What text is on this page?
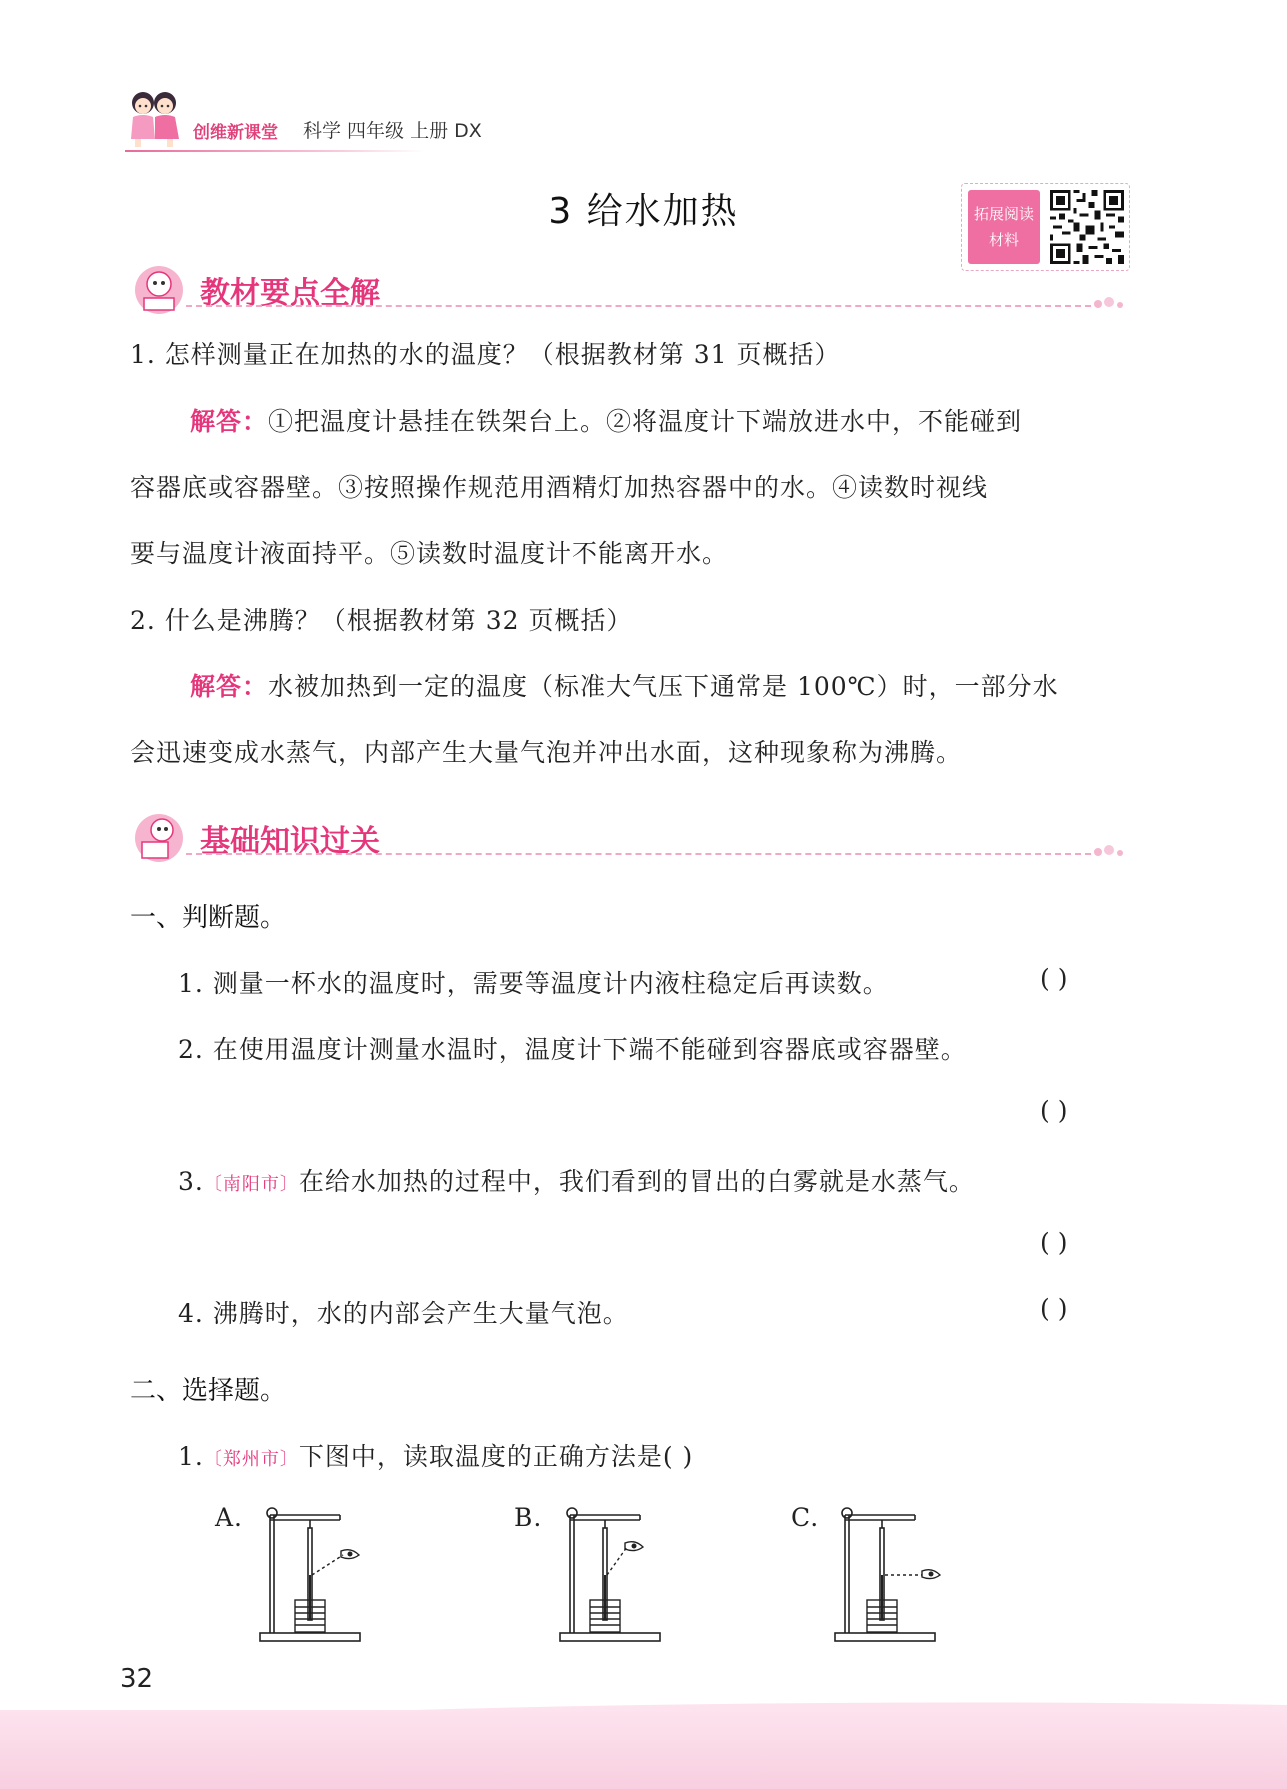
创维新课堂 科学 四年级 上册 DX
3 给水加热	拓展阅读
材料
教材要点全解
1. 怎样测量正在加热的水的温度？（根据教材第 31 页概括）
解答：①把温度计悬挂在铁架台上。②将温度计下端放进水中，不能碰到
容器底或容器壁。③按照操作规范用酒精灯加热容器中的水。④读数时视线
要与温度计液面持平。⑤读数时温度计不能离开水。
2. 什么是沸腾？（根据教材第 32 页概括）
解答：水被加热到一定的温度（标准大气压下通常是 100℃）时，一部分水
会迅速变成水蒸气，内部产生大量气泡并冲出水面，这种现象称为沸腾。
基础知识过关
一、判断题。
1. 测量一杯水的温度时，需要等温度计内液柱稳定后再读数。	( )
2. 在使用温度计测量水温时，温度计下端不能碰到容器底或容器壁。
( )
3.〔南阳市〕在给水加热的过程中，我们看到的冒出的白雾就是水蒸气。
( )
4. 沸腾时，水的内部会产生大量气泡。	( )
二、选择题。
1.〔郑州市〕下图中，读取温度的正确方法是( )
A.	B.	C.
32
